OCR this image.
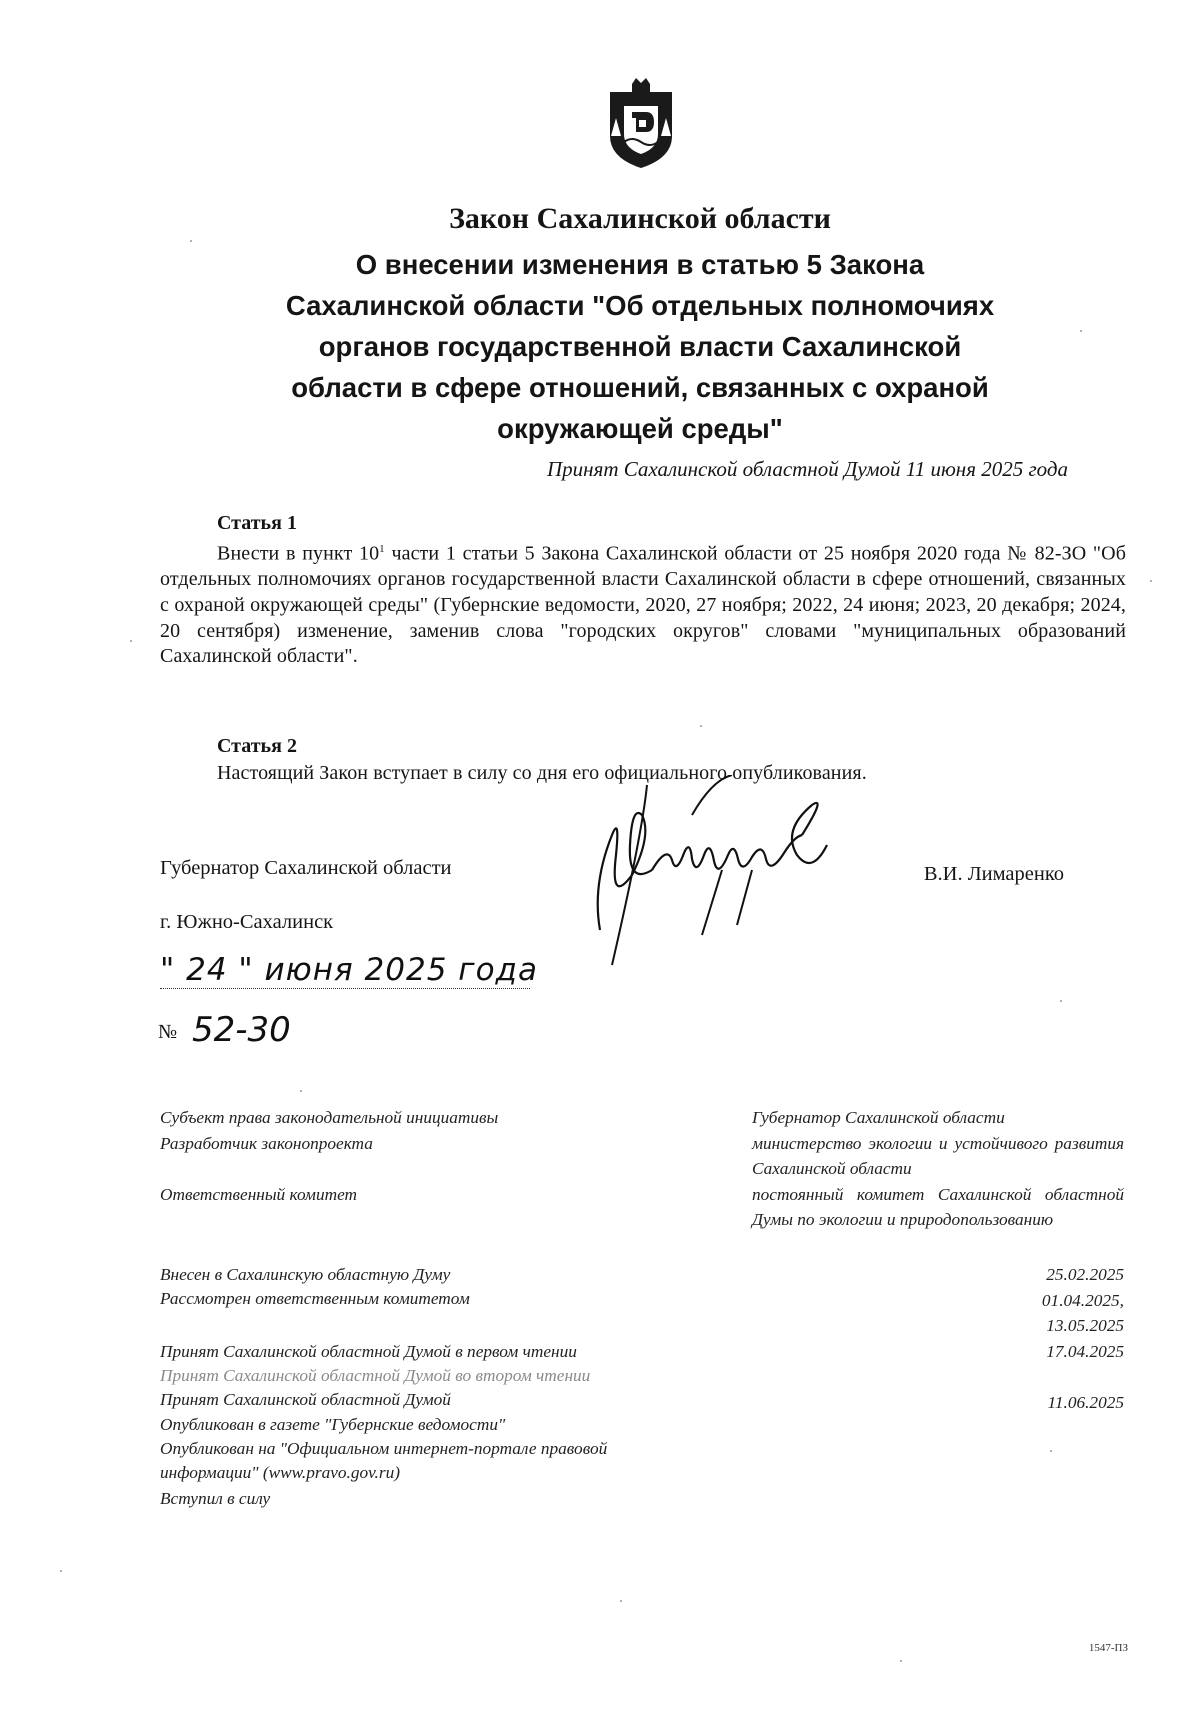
Закон Сахалинской области
О внесении изменения в статью 5 Закона
Сахалинской области "Об отдельных полномочиях
органов государственной власти Сахалинской
области в сфере отношений, связанных с охраной
окружающей среды"
Принят Сахалинской областной Думой 11 июня 2025 года
Статья 1
Внести в пункт $10^1$ части 1 статьи 5 Закона Сахалинской области от 25 ноября 2020 года № 82-ЗО "Об отдельных полномочиях органов государственной власти Сахалинской области в сфере отношений, связанных с охраной окружающей среды" (Губернские ведомости, 2020, 27 ноября; 2022, 24 июня; 2023, 20 декабря; 2024, 20 сентября) изменение, заменив слова "городских округов" словами "муниципальных образований Сахалинской области".
Статья 2
Настоящий Закон вступает в силу со дня его официального опубликования.
Губернатор Сахалинской области	В.И. Лимаренко
г. Южно-Сахалинск
" 24 " июня 2025 года
№ 52-30
Субъект права законодательной инициативы
Разработчик законопроекта
Ответственный комитет
Внесен в Сахалинскую областную Думу
Рассмотрен ответственным комитетом
Принят Сахалинской областной Думой в первом чтении
Принят Сахалинской областной Думой во втором чтении
Принят Сахалинской областной Думой
Опубликован в газете "Губернские ведомости"
Опубликован на "Официальном интернет-портале правовой
информации" (www.pravo.gov.ru)
Вступил в силу
Губернатор Сахалинской области
министерство экологии и устойчивого развития Сахалинской области
постоянный комитет Сахалинской областной Думы по экологии и природопользованию
25.02.2025
01.04.2025,
13.05.2025
17.04.2025
11.06.2025
1547-ПЗ
